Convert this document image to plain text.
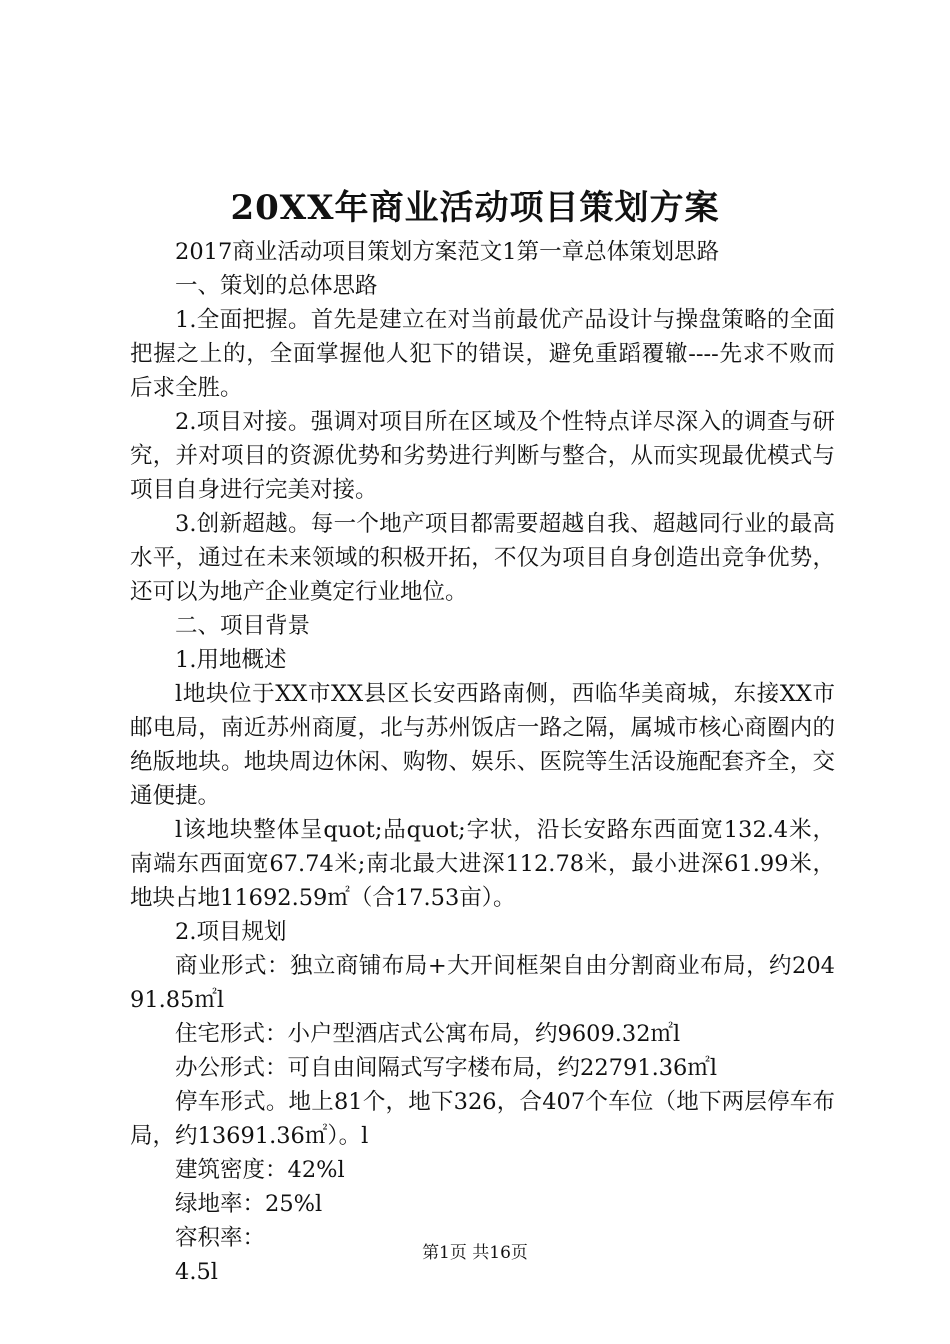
20XX年商业活动项目策划方案

2017商业活动项目策划方案范文1第一章总体策划思路

一、策划的总体思路

1.全面把握。首先是建立在对当前最优产品设计与操盘策略的全面把握之上的，全面掌握他人犯下的错误，避免重蹈覆辙----先求不败而后求全胜。

2.项目对接。强调对项目所在区域及个性特点详尽深入的调查与研究，并对项目的资源优势和劣势进行判断与整合，从而实现最优模式与项目自身进行完美对接。

3.创新超越。每一个地产项目都需要超越自我、超越同行业的最高水平，通过在未来领域的积极开拓，不仅为项目自身创造出竞争优势，还可以为地产企业奠定行业地位。

二、项目背景

1.用地概述

l地块位于XX市XX县区长安西路南侧，西临华美商城，东接XX市邮电局，南近苏州商厦，北与苏州饭店一路之隔，属城市核心商圈内的绝版地块。地块周边休闲、购物、娱乐、医院等生活设施配套齐全，交通便捷。

l该地块整体呈quot;品quot;字状，沿长安路东西面宽132.4米，南端东西面宽67.74米;南北最大进深112.78米，最小进深61.99米，地块占地11692.59㎡（合17.53亩）。

2.项目规划

商业形式：独立商铺布局+大开间框架自由分割商业布局，约20491.85㎡l

住宅形式：小户型酒店式公寓布局，约9609.32㎡l

办公形式：可自由间隔式写字楼布局，约22791.36㎡l

停车形式。地上81个，地下326，合407个车位（地下两层停车布局，约13691.36㎡）。l

建筑密度：42%l

绿地率：25%l

容积率：

4.5l

第1页 共16页
